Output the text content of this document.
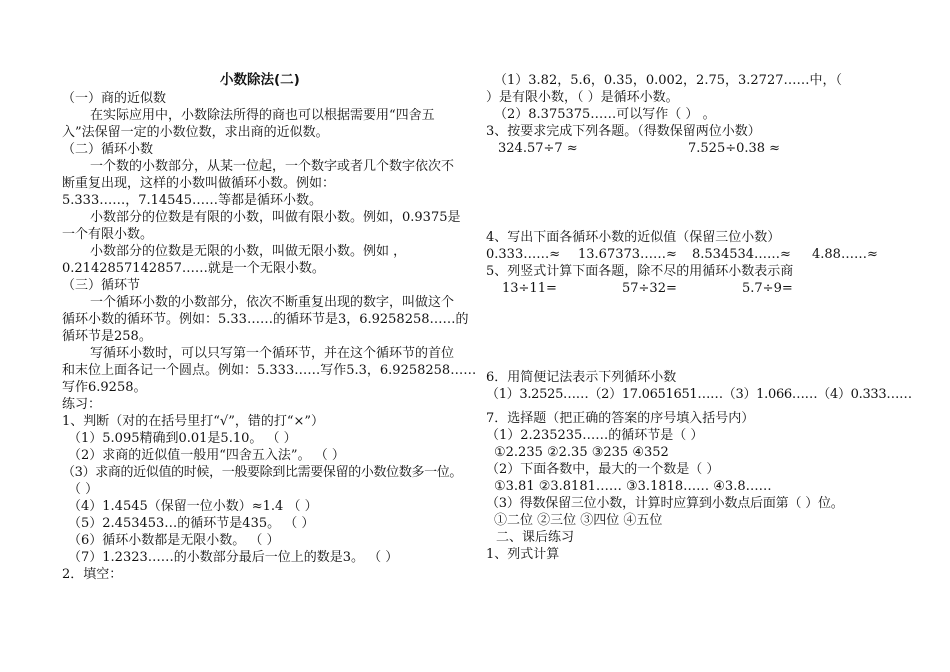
小数除法(二)
（一）商的近似数
在实际应用中，小数除法所得的商也可以根据需要用“四舍五
入”法保留一定的小数位数，求出商的近似数。
（二）循环小数
一个数的小数部分，从某一位起，一个数字或者几个数字依次不
断重复出现，这样的小数叫做循环小数。例如：
5.333……，7.14545……等都是循环小数。
小数部分的位数是有限的小数，叫做有限小数。例如，0.9375是
一个有限小数。
小数部分的位数是无限的小数，叫做无限小数。例如 ，
0.2142857142857……就是一个无限小数。
（三）循环节
一个循环小数的小数部分，依次不断重复出现的数字，叫做这个
循环小数的循环节。例如：5.33……的循环节是3，6.9258258……的
循环节是258。
写循环小数时，可以只写第一个循环节，并在这个循环节的首位
和末位上面各记一个圆点。例如：5.333……写作5.3，6.9258258……
写作6.9258。
练习：
1、判断（对的在括号里打“√”，错的打“×”）
（1）5.095精确到0.01是5.10。 （ ）
（2）求商的近似值一般用“四舍五入法”。 （ ）
（3）求商的近似值的时候，一般要除到比需要保留的小数位数多一位。
（ ）
（4）1.4545（保留一位小数）≈1.4 （ ）
（5）2.453453…的循环节是435。 （ ）
（6）循环小数都是无限小数。 （ ）
（7）1.2323……的小数部分最后一位上的数是3。 （ ）
2．填空：
（1）3.82，5.6，0.35，0.002，2.75，3.2727……中，（
）是有限小数，（ ）是循环小数。
（2）8.375375……可以写作（ ） 。
3、按要求完成下列各题。（得数保留两位小数）
324.57÷7 ≈	7.525÷0.38 ≈
4、写出下面各循环小数的近似值（保留三位小数）
0.333……≈ 13.67373……≈ 8.534534……≈ 4.88……≈
5、列竖式计算下面各题，除不尽的用循环小数表示商
13÷11=	57÷32=	5.7÷9=
6．用简便记法表示下列循环小数
（1）3.2525……（2）17.0651651……（3）1.066……（4）0.333……
7．选择题（把正确的答案的序号填入括号内）
（1）2.235235……的循环节是（ ）
①2.235 ②2.35 ③235 ④352
（2）下面各数中，最大的一个数是（ ）
①3.81 ②3.8181…… ③3.1818…… ④3.8……
（3）得数保留三位小数，计算时应算到小数点后面第（ ）位。
①二位 ②三位 ③四位 ④五位
二、课后练习
1、列式计算
